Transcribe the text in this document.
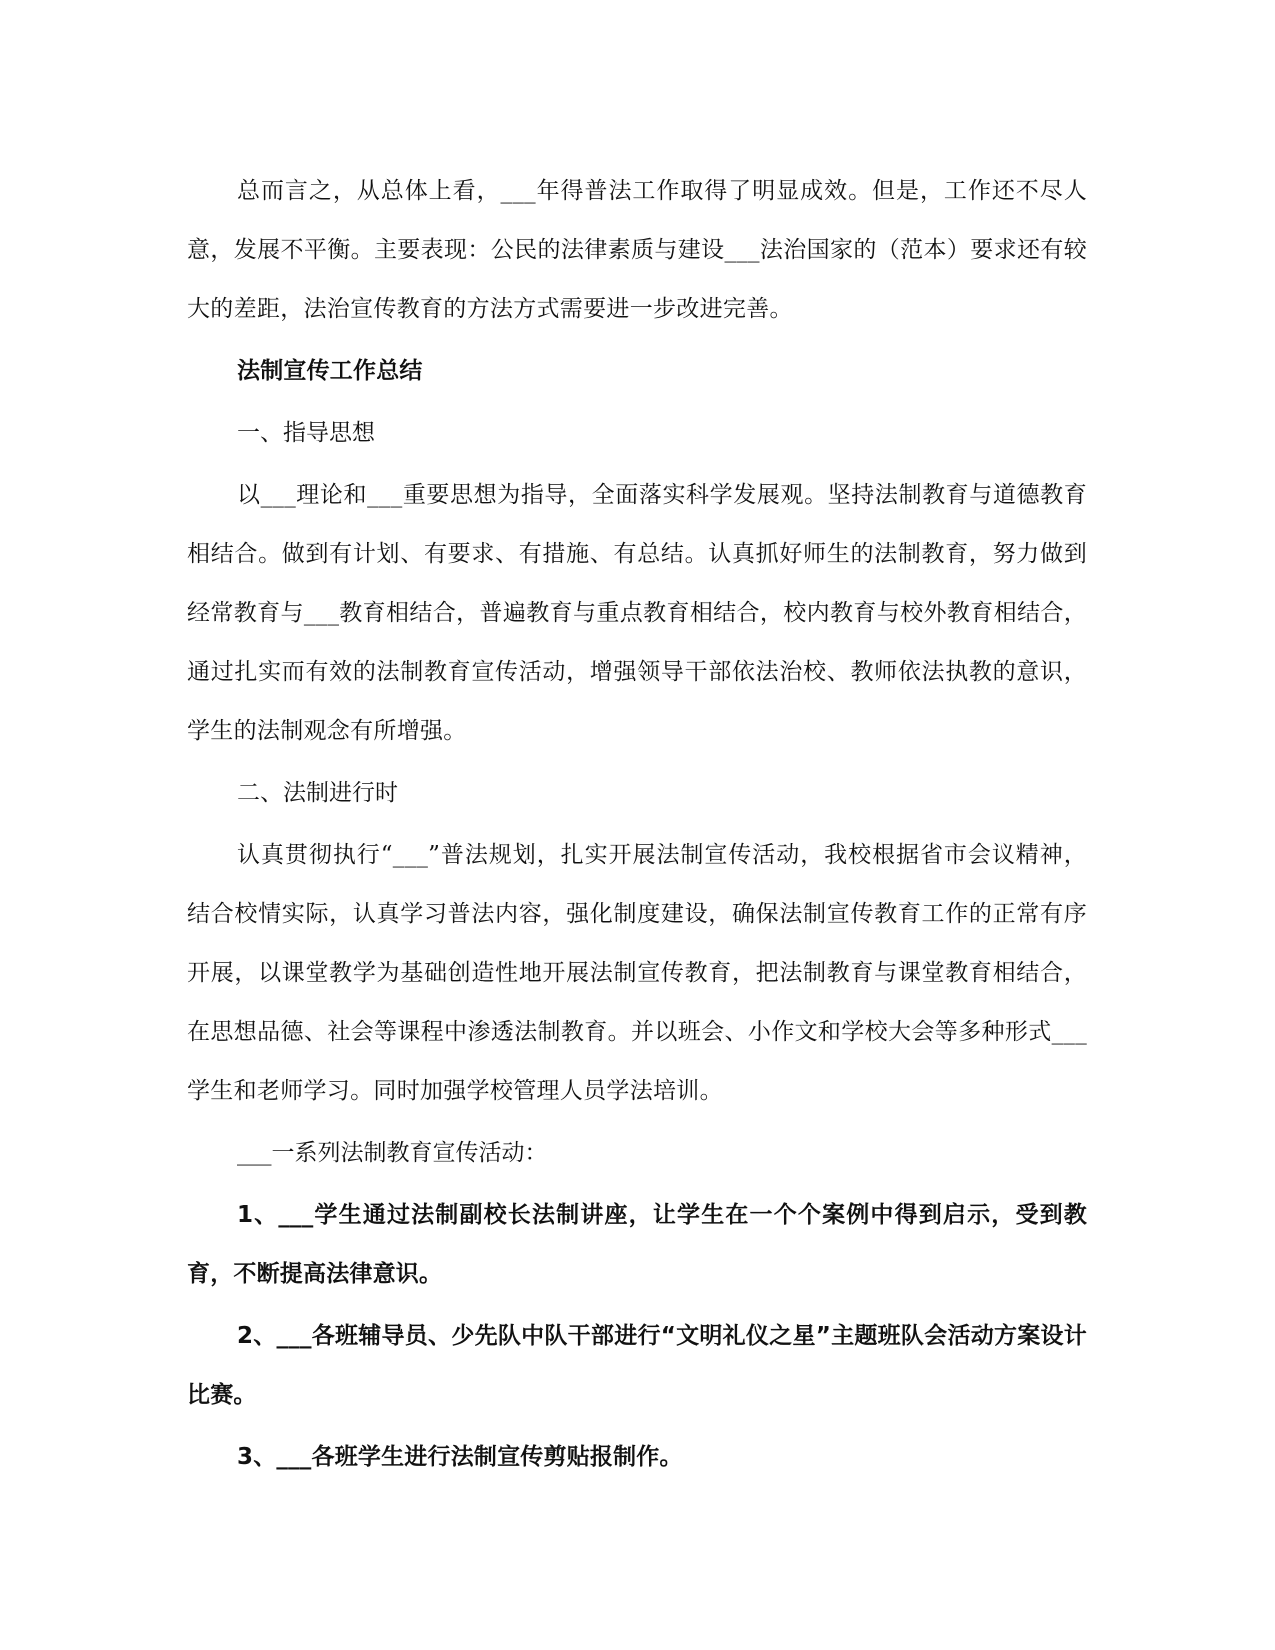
总而言之，从总体上看，___年得普法工作取得了明显成效。但是，工作还不尽人意，发展不平衡。主要表现：公民的法律素质与建设___法治国家的（范本）要求还有较大的差距，法治宣传教育的方法方式需要进一步改进完善。

法制宣传工作总结

一、指导思想

以___理论和___重要思想为指导，全面落实科学发展观。坚持法制教育与道德教育相结合。做到有计划、有要求、有措施、有总结。认真抓好师生的法制教育，努力做到经常教育与___教育相结合，普遍教育与重点教育相结合，校内教育与校外教育相结合，通过扎实而有效的法制教育宣传活动，增强领导干部依法治校、教师依法执教的意识，学生的法制观念有所增强。

二、法制进行时

认真贯彻执行“___”普法规划，扎实开展法制宣传活动，我校根据省市会议精神，结合校情实际，认真学习普法内容，强化制度建设，确保法制宣传教育工作的正常有序开展，以课堂教学为基础创造性地开展法制宣传教育，把法制教育与课堂教育相结合，在思想品德、社会等课程中渗透法制教育。并以班会、小作文和学校大会等多种形式___学生和老师学习。同时加强学校管理人员学法培训。

___一系列法制教育宣传活动：

1、___学生通过法制副校长法制讲座，让学生在一个个案例中得到启示，受到教育，不断提高法律意识。

2、___各班辅导员、少先队中队干部进行“文明礼仪之星”主题班队会活动方案设计比赛。

3、___各班学生进行法制宣传剪贴报制作。
